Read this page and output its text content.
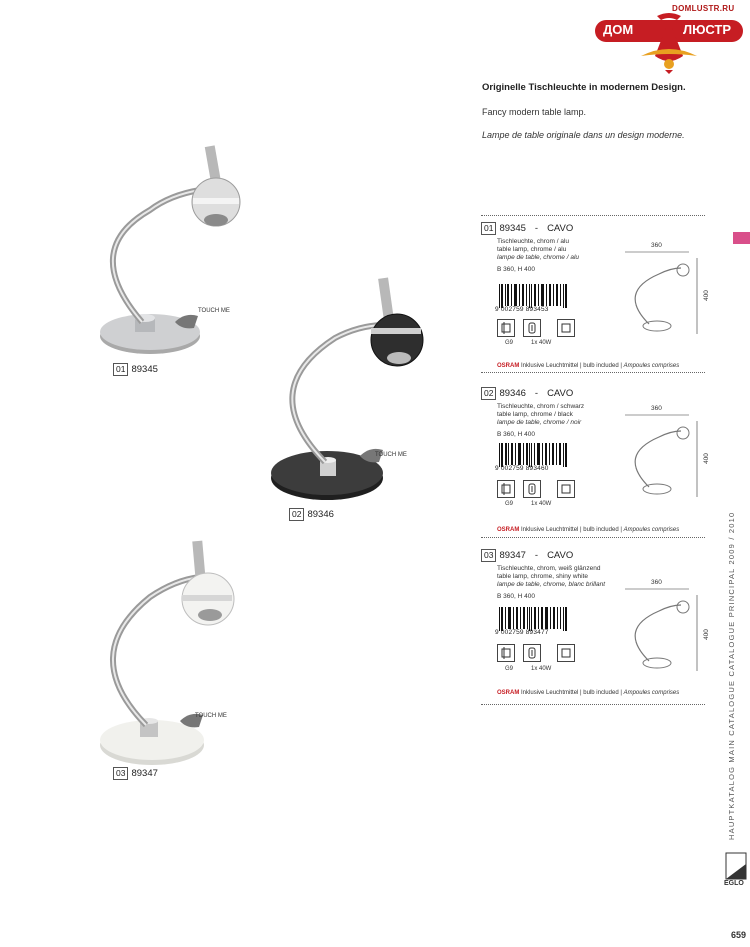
DOMLUSTR.RU
ДОМ	ЛЮСТР
Originelle Tischleuchte in modernem Design.
Fancy modern table lamp.
Lampe de table originale dans un design moderne.
HAUPTKATALOG MAIN CATALOGUE CATALOGUE PRINCIPAL 2009 / 2010
EGLO
659
TOUCH ME
01 89345
TOUCH ME
02 89346
TOUCH ME
03 89347
01 89345 - CAVO
Tischleuchte, chrom / alu
table lamp, chrome / alu
lampe de table, chrome / alu
B 360, H 400
9 002759 893453
G9	1x 40W
OSRAM Inklusive Leuchtmittel | bulb included | Ampoules comprises
360
400
02 89346 - CAVO
Tischleuchte, chrom / schwarz
table lamp, chrome / black
lampe de table, chrome / noir
B 360, H 400
9 002759 893460
G9	1x 40W
OSRAM Inklusive Leuchtmittel | bulb included | Ampoules comprises
360
400
03 89347 - CAVO
Tischleuchte, chrom, weiß glänzend
table lamp, chrome, shiny white
lampe de table, chrome, blanc brillant
B 360, H 400
9 002759 893477
G9	1x 40W
OSRAM Inklusive Leuchtmittel | bulb included | Ampoules comprises
360
400
